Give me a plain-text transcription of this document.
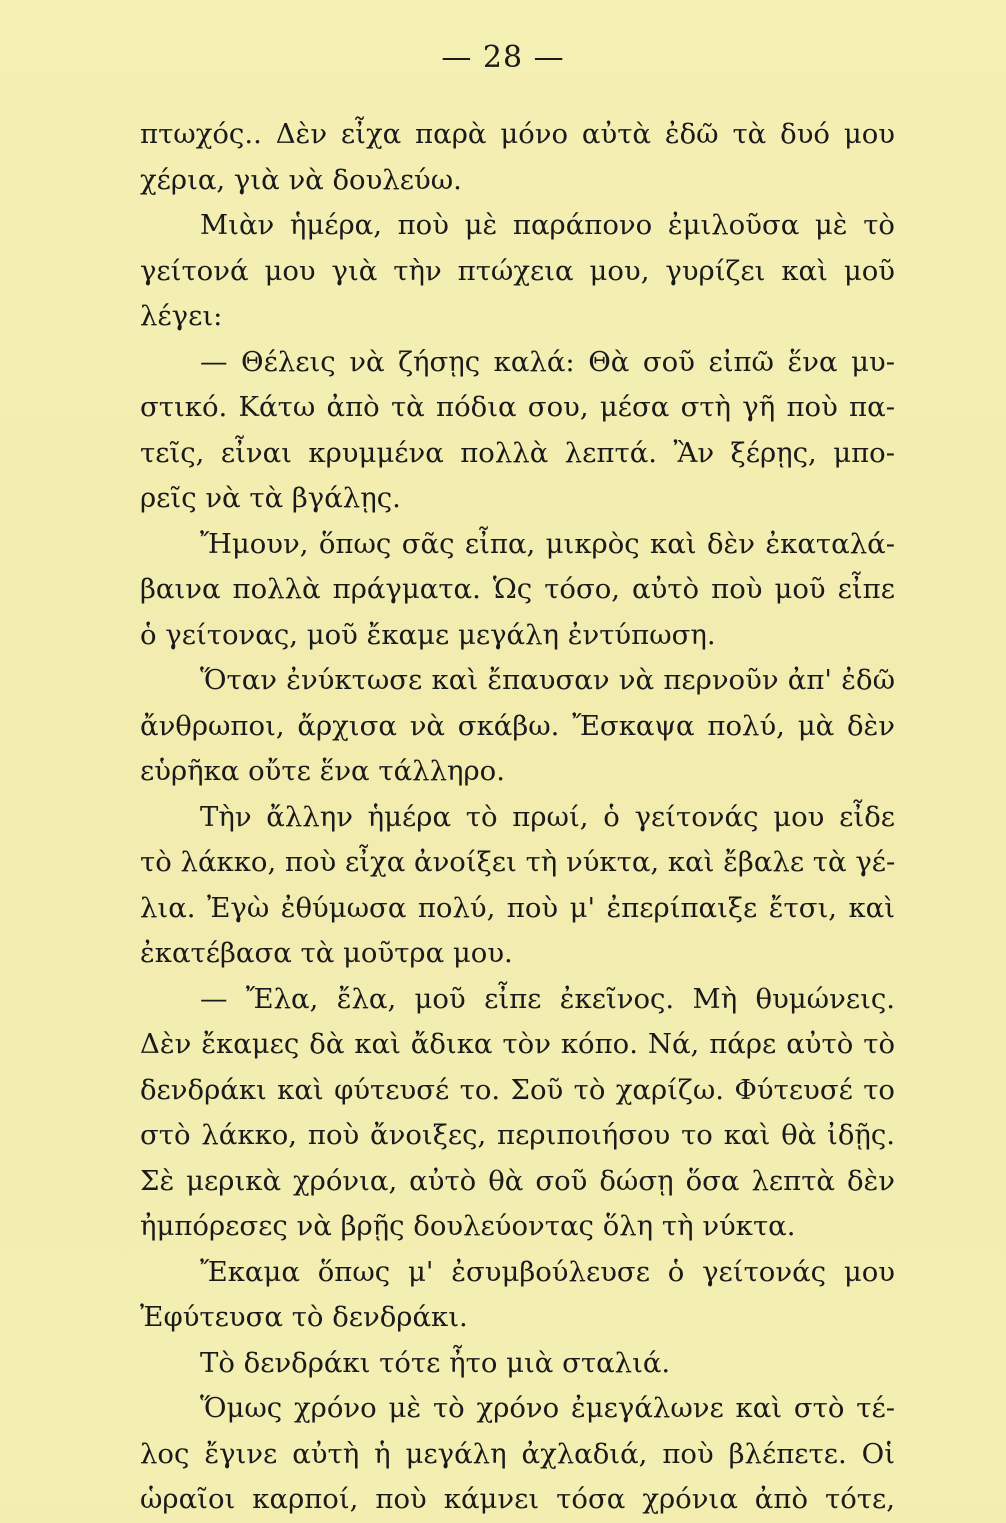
— 28 —
πτωχός.. Δὲν εἶχα παρὰ μόνο αὐτὰ ἐδῶ τὰ δυό μου
χέρια, γιὰ νὰ δουλεύω.
Μιὰν ἡμέρα, ποὺ μὲ παράπονο ἐμιλοῦσα μὲ τὸ
γείτονά μου γιὰ τὴν πτώχεια μου, γυρίζει καὶ μοῦ
λέγει:
— Θέλεις νὰ ζήσῃς καλά: Θὰ σοῦ εἰπῶ ἕνα μυ-
στικό. Κάτω ἀπὸ τὰ πόδια σου, μέσα στὴ γῆ ποὺ πα-
τεῖς, εἶναι κρυμμένα πολλὰ λεπτά. Ἂν ξέρῃς, μπο-
ρεῖς νὰ τὰ βγάλῃς.
Ἤμουν, ὅπως σᾶς εἶπα, μικρὸς καὶ δὲν ἐκαταλά-
βαινα πολλὰ πράγματα. Ὡς τόσο, αὐτὸ ποὺ μοῦ εἶπε
ὁ γείτονας, μοῦ ἔκαμε μεγάλη ἐντύπωση.
Ὅταν ἐνύκτωσε καὶ ἔπαυσαν νὰ περνοῦν ἀπ' ἐδῶ
ἄνθρωποι, ἄρχισα νὰ σκάβω. Ἔσκαψα πολύ, μὰ δὲν
εὑρῆκα οὔτε ἕνα τάλληρο.
Τὴν ἄλλην ἡμέρα τὸ πρωί, ὁ γείτονάς μου εἶδε
τὸ λάκκο, ποὺ εἶχα ἀνοίξει τὴ νύκτα, καὶ ἔβαλε τὰ γέ-
λια. Ἐγὼ ἐθύμωσα πολύ, ποὺ μ' ἐπερίπαιξε ἔτσι, καὶ
ἐκατέβασα τὰ μοῦτρα μου.
— Ἔλα, ἔλα, μοῦ εἶπε ἐκεῖνος. Μὴ θυμώνεις.
Δὲν ἔκαμες δὰ καὶ ἄδικα τὸν κόπο. Νά, πάρε αὐτὸ τὸ
δενδράκι καὶ φύτευσέ το. Σοῦ τὸ χαρίζω. Φύτευσέ το
στὸ λάκκο, ποὺ ἄνοιξες, περιποιήσου το καὶ θὰ ἰδῇς.
Σὲ μερικὰ χρόνια, αὐτὸ θὰ σοῦ δώσῃ ὅσα λεπτὰ δὲν
ἠμπόρεσες νὰ βρῇς δουλεύοντας ὅλη τὴ νύκτα.
Ἔκαμα ὅπως μ' ἐσυμβούλευσε ὁ γείτονάς μου
Ἐφύτευσα τὸ δενδράκι.
Τὸ δενδράκι τότε ἦτο μιὰ σταλιά.
Ὅμως χρόνο μὲ τὸ χρόνο ἐμεγάλωνε καὶ στὸ τέ-
λος ἔγινε αὐτὴ ἡ μεγάλη ἀχλαδιά, ποὺ βλέπετε. Οἱ
ὡραῖοι καρποί, ποὺ κάμνει τόσα χρόνια ἀπὸ τότε,
